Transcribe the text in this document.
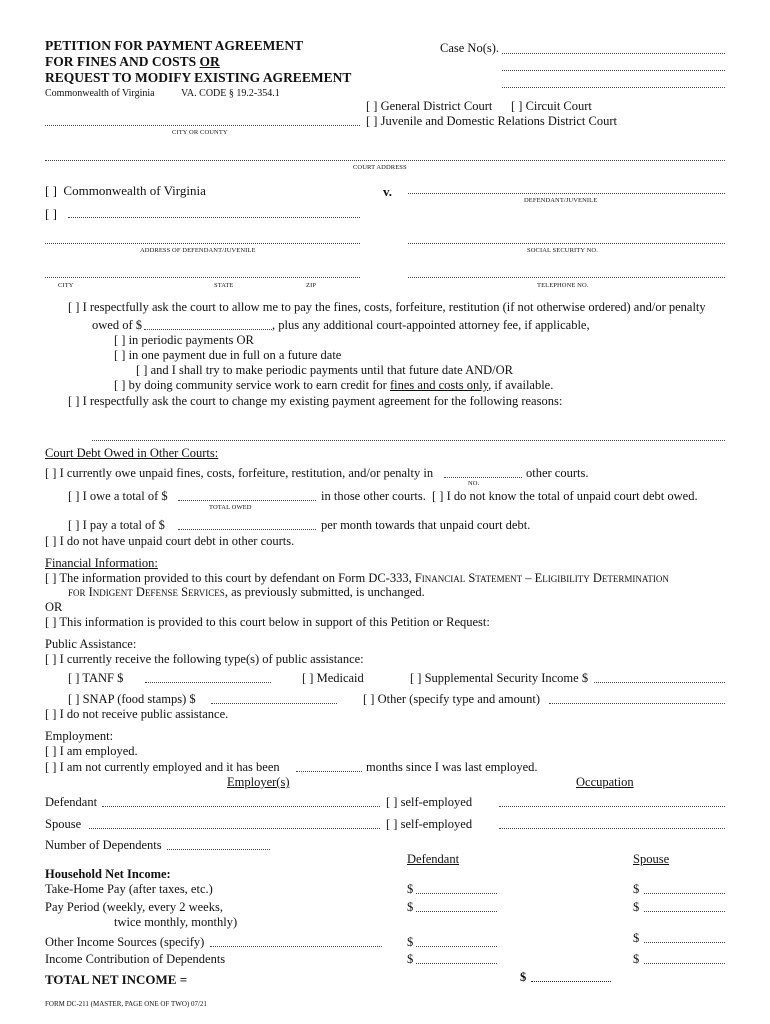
PETITION FOR PAYMENT AGREEMENT
FOR FINES AND COSTS OR
REQUEST TO MODIFY EXISTING AGREEMENT
Commonwealth of Virginia	VA. CODE § 19.2-354.1
Case No(s).
[ ] General District Court [ ] Circuit Court
[ ] Juvenile and Domestic Relations District Court
CITY OR COUNTY
COURT ADDRESS
[ ] Commonwealth of Virginia	v.
DEFENDANT/JUVENILE
[ ]
ADDRESS OF DEFENDANT/JUVENILE	SOCIAL SECURITY NO.
CITY	STATE	ZIP	TELEPHONE NO.
[ ] I respectfully ask the court to allow me to pay the fines, costs, forfeiture, restitution (if not otherwise ordered) and/or penalty
owed of $	, plus any additional court-appointed attorney fee, if applicable,
[ ] in periodic payments OR
[ ] in one payment due in full on a future date
[ ] and I shall try to make periodic payments until that future date AND/OR
[ ] by doing community service work to earn credit for fines and costs only, if available.
[ ] I respectfully ask the court to change my existing payment agreement for the following reasons:
Court Debt Owed in Other Courts:
[ ] I currently owe unpaid fines, costs, forfeiture, restitution, and/or penalty in	other courts.
NO.
[ ] I owe a total of $	in those other courts. [ ] I do not know the total of unpaid court debt owed.
TOTAL OWED
[ ] I pay a total of $	per month towards that unpaid court debt.
[ ] I do not have unpaid court debt in other courts.
Financial Information:
[ ] The information provided to this court by defendant on Form DC-333, Financial Statement – Eligibility Determination
for Indigent Defense Services, as previously submitted, is unchanged.
OR
[ ] This information is provided to this court below in support of this Petition or Request:
Public Assistance:
[ ] I currently receive the following type(s) of public assistance:
[ ] TANF $	[ ] Medicaid	[ ] Supplemental Security Income $
[ ] SNAP (food stamps) $	[ ] Other (specify type and amount)
[ ] I do not receive public assistance.
Employment:
[ ] I am employed.
[ ] I am not currently employed and it has been	months since I was last employed.
Employer(s)	Occupation
Defendant	[ ] self-employed
Spouse	[ ] self-employed
Number of Dependents
Defendant	Spouse
Household Net Income:
Take-Home Pay (after taxes, etc.)	$	$
Pay Period (weekly, every 2 weeks,
twice monthly, monthly)
$	$
Other Income Sources (specify)	$	$
Income Contribution of Dependents	$	$
TOTAL NET INCOME =	$
FORM DC-211 (MASTER, PAGE ONE OF TWO) 07/21
